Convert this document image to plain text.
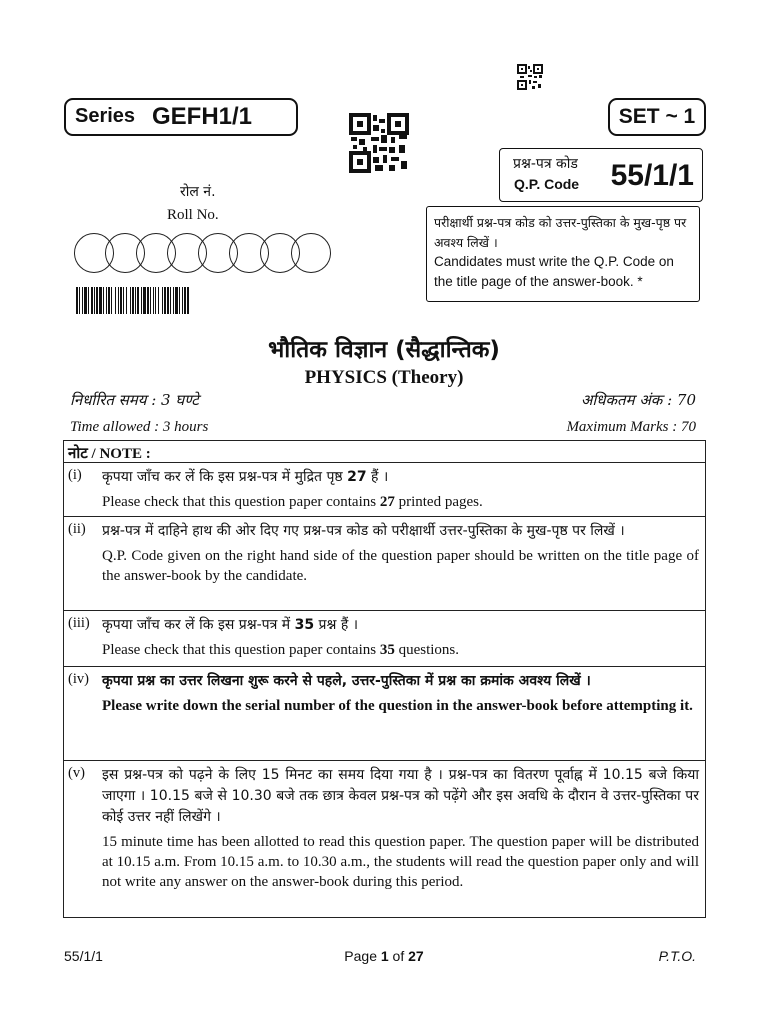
Series GEFH1/1	SET ~ 1
प्रश्न-पत्र कोड
Q.P. Code 55/1/1
रोल नं.
Roll No.	परीक्षार्थी प्रश्न-पत्र कोड को उत्तर-पुस्तिका के मुख-पृष्ठ पर अवश्य लिखें ।
Candidates must write the Q.P. Code on the title page of the answer-book. *
भौतिक विज्ञान (सैद्धान्तिक)
PHYSICS (Theory)
निर्धारित समय : 3 घण्टे	अधिकतम अंक : 70
Time allowed : 3 hours	Maximum Marks : 70
नोट / NOTE :
(i) कृपया जाँच कर लें कि इस प्रश्न-पत्र में मुद्रित पृष्ठ 27 हैं ।
Please check that this question paper contains 27 printed pages.
(ii) प्रश्न-पत्र में दाहिने हाथ की ओर दिए गए प्रश्न-पत्र कोड को परीक्षार्थी उत्तर-पुस्तिका के मुख-पृष्ठ पर लिखें ।
Q.P. Code given on the right hand side of the question paper should be written on the title page of the answer-book by the candidate.
(iii) कृपया जाँच कर लें कि इस प्रश्न-पत्र में 35 प्रश्न हैं ।
Please check that this question paper contains 35 questions.
(iv) कृपया प्रश्न का उत्तर लिखना शुरू करने से पहले, उत्तर-पुस्तिका में प्रश्न का क्रमांक अवश्य लिखें ।
Please write down the serial number of the question in the answer-book before attempting it.
(v) इस प्रश्न-पत्र को पढ़ने के लिए 15 मिनट का समय दिया गया है । प्रश्न-पत्र का वितरण पूर्वाह्न में 10.15 बजे किया जाएगा । 10.15 बजे से 10.30 बजे तक छात्र केवल प्रश्न-पत्र को पढ़ेंगे और इस अवधि के दौरान वे उत्तर-पुस्तिका पर कोई उत्तर नहीं लिखेंगे ।
15 minute time has been allotted to read this question paper. The question paper will be distributed at 10.15 a.m. From 10.15 a.m. to 10.30 a.m., the students will read the question paper only and will not write any answer on the answer-book during this period.
55/1/1	Page 1 of 27	P.T.O.
